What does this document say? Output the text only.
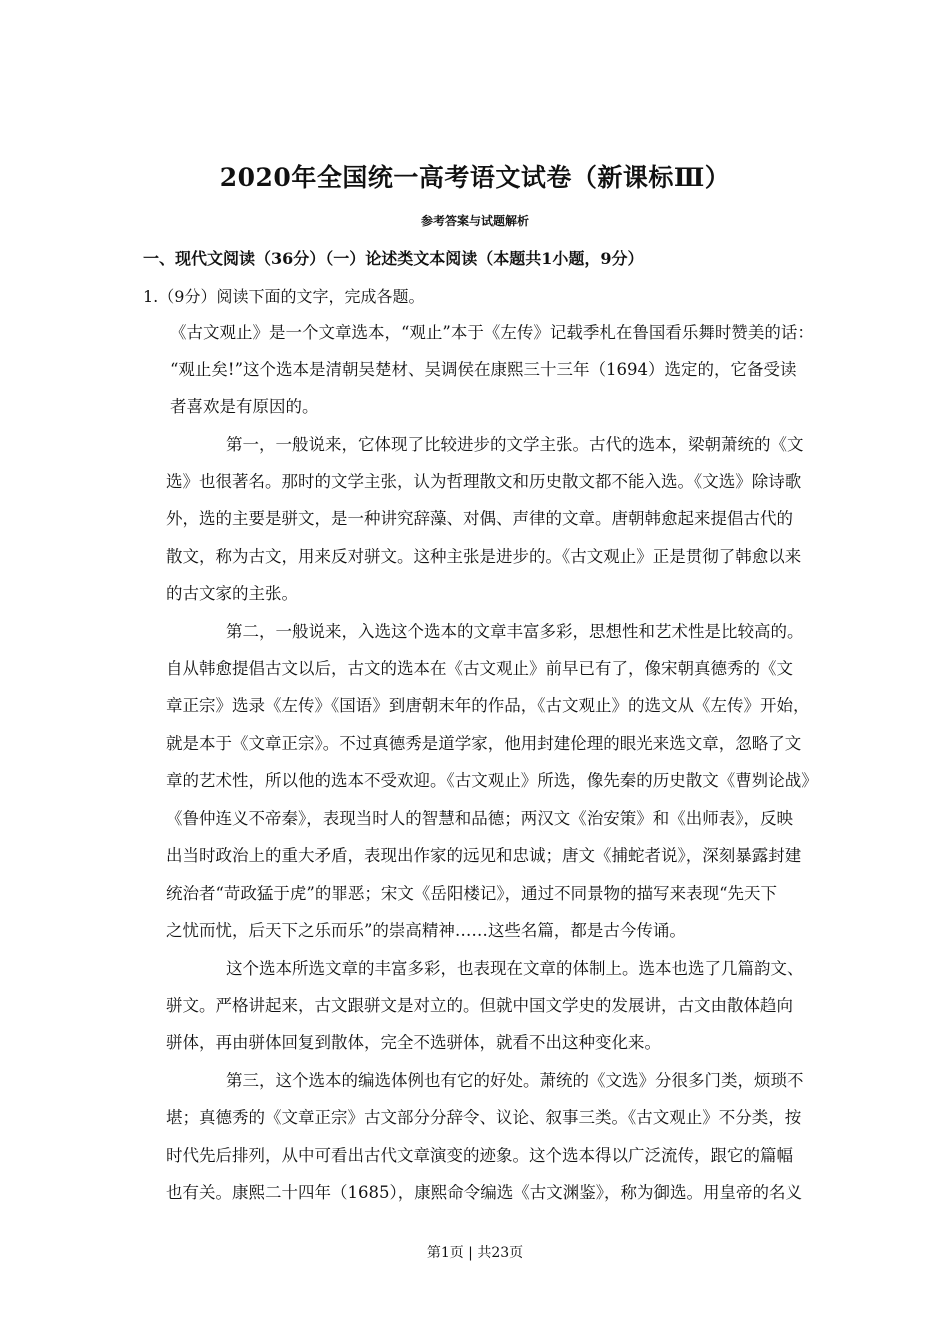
2020年全国统一高考语文试卷（新课标Ⅲ）
参考答案与试题解析
一、现代文阅读（36分）（一）论述类文本阅读（本题共1小题，9分）
1.（9分）阅读下面的文字，完成各题。
《古文观止》是一个文章选本，“观止”本于《左传》记载季札在鲁国看乐舞时赞美的话：
“观止矣!”这个选本是清朝吴楚材、吴调侯在康熙三十三年（1694）选定的，它备受读
者喜欢是有原因的。
第一，一般说来，它体现了比较进步的文学主张。古代的选本，梁朝萧统的《文
选》也很著名。那时的文学主张，认为哲理散文和历史散文都不能入选。《文选》除诗歌
外，选的主要是骈文，是一种讲究辞藻、对偶、声律的文章。唐朝韩愈起来提倡古代的
散文，称为古文，用来反对骈文。这种主张是进步的。《古文观止》正是贯彻了韩愈以来
的古文家的主张。
第二，一般说来，入选这个选本的文章丰富多彩，思想性和艺术性是比较高的。
自从韩愈提倡古文以后，古文的选本在《古文观止》前早已有了，像宋朝真德秀的《文
章正宗》选录《左传》《国语》到唐朝末年的作品，《古文观止》的选文从《左传》开始，
就是本于《文章正宗》。不过真德秀是道学家，他用封建伦理的眼光来选文章，忽略了文
章的艺术性，所以他的选本不受欢迎。《古文观止》所选，像先秦的历史散文《曹刿论战》
《鲁仲连义不帝秦》，表现当时人的智慧和品德；两汉文《治安策》和《出师表》，反映
出当时政治上的重大矛盾，表现出作家的远见和忠诚；唐文《捕蛇者说》，深刻暴露封建
统治者“苛政猛于虎”的罪恶；宋文《岳阳楼记》，通过不同景物的描写来表现“先天下
之忧而忧，后天下之乐而乐”的崇高精神……这些名篇，都是古今传诵。
这个选本所选文章的丰富多彩，也表现在文章的体制上。选本也选了几篇韵文、
骈文。严格讲起来，古文跟骈文是对立的。但就中国文学史的发展讲，古文由散体趋向
骈体，再由骈体回复到散体，完全不选骈体，就看不出这种变化来。
第三，这个选本的编选体例也有它的好处。萧统的《文选》分很多门类，烦琐不
堪；真德秀的《文章正宗》古文部分分辞令、议论、叙事三类。《古文观止》不分类，按
时代先后排列，从中可看出古代文章演变的迹象。这个选本得以广泛流传，跟它的篇幅
也有关。康熙二十四年（1685），康熙命令编选《古文渊鉴》，称为御选。用皇帝的名义
第1页 | 共23页
